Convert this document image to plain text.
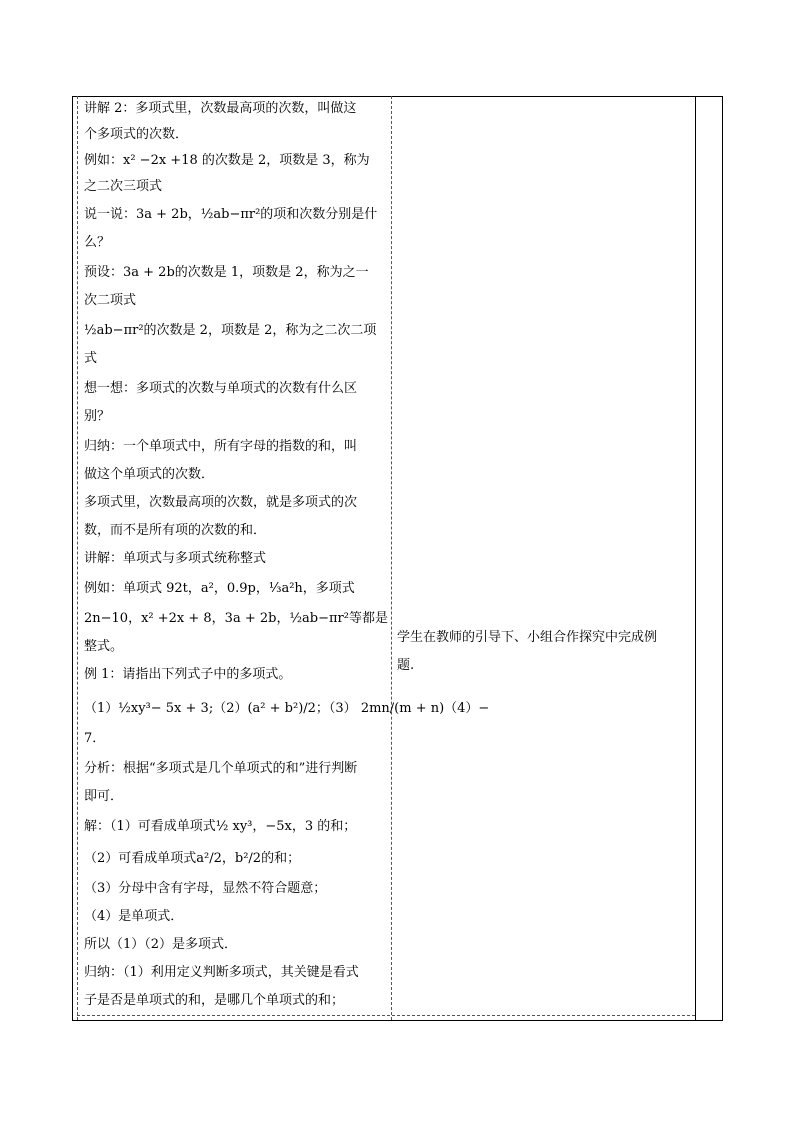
讲解 2：多项式里，次数最高项的次数，叫做这
个多项式的次数．
例如：x² −2x +18 的次数是 2，项数是 3，称为
之二次三项式
说一说：3a + 2b，½ab−πr²的项和次数分别是什
么？
预设：3a + 2b的次数是 1，项数是 2，称为之一
次二项式
½ab−πr²的次数是 2，项数是 2，称为之二次二项
式
想一想：多项式的次数与单项式的次数有什么区
别？
归纳：一个单项式中，所有字母的指数的和，叫
做这个单项式的次数．
多项式里，次数最高项的次数，就是多项式的次
数，而不是所有项的次数的和．
讲解：单项式与多项式统称整式
例如：单项式 92t，a²，0.9p，⅓a²h，多项式
2n−10，x² +2x + 8，3a + 2b，½ab−πr²等都是
整式。
例 1：请指出下列式子中的多项式。
（1）½xy³− 5x + 3;（2）(a² + b²)/2；（3） 2mn/(m + n)（4）−
7．
分析：根据“多项式是几个单项式的和”进行判断
即可．
解：（1）可看成单项式½ xy³，−5x，3 的和；
（2）可看成单项式a²/2，b²/2的和；
（3）分母中含有字母，显然不符合题意；
（4）是单项式．
所以（1）（2）是多项式．
归纳：（1）利用定义判断多项式，其关键是看式
子是否是单项式的和，是哪几个单项式的和；
学生在教师的引导下、小组合作探究中完成例
题.
